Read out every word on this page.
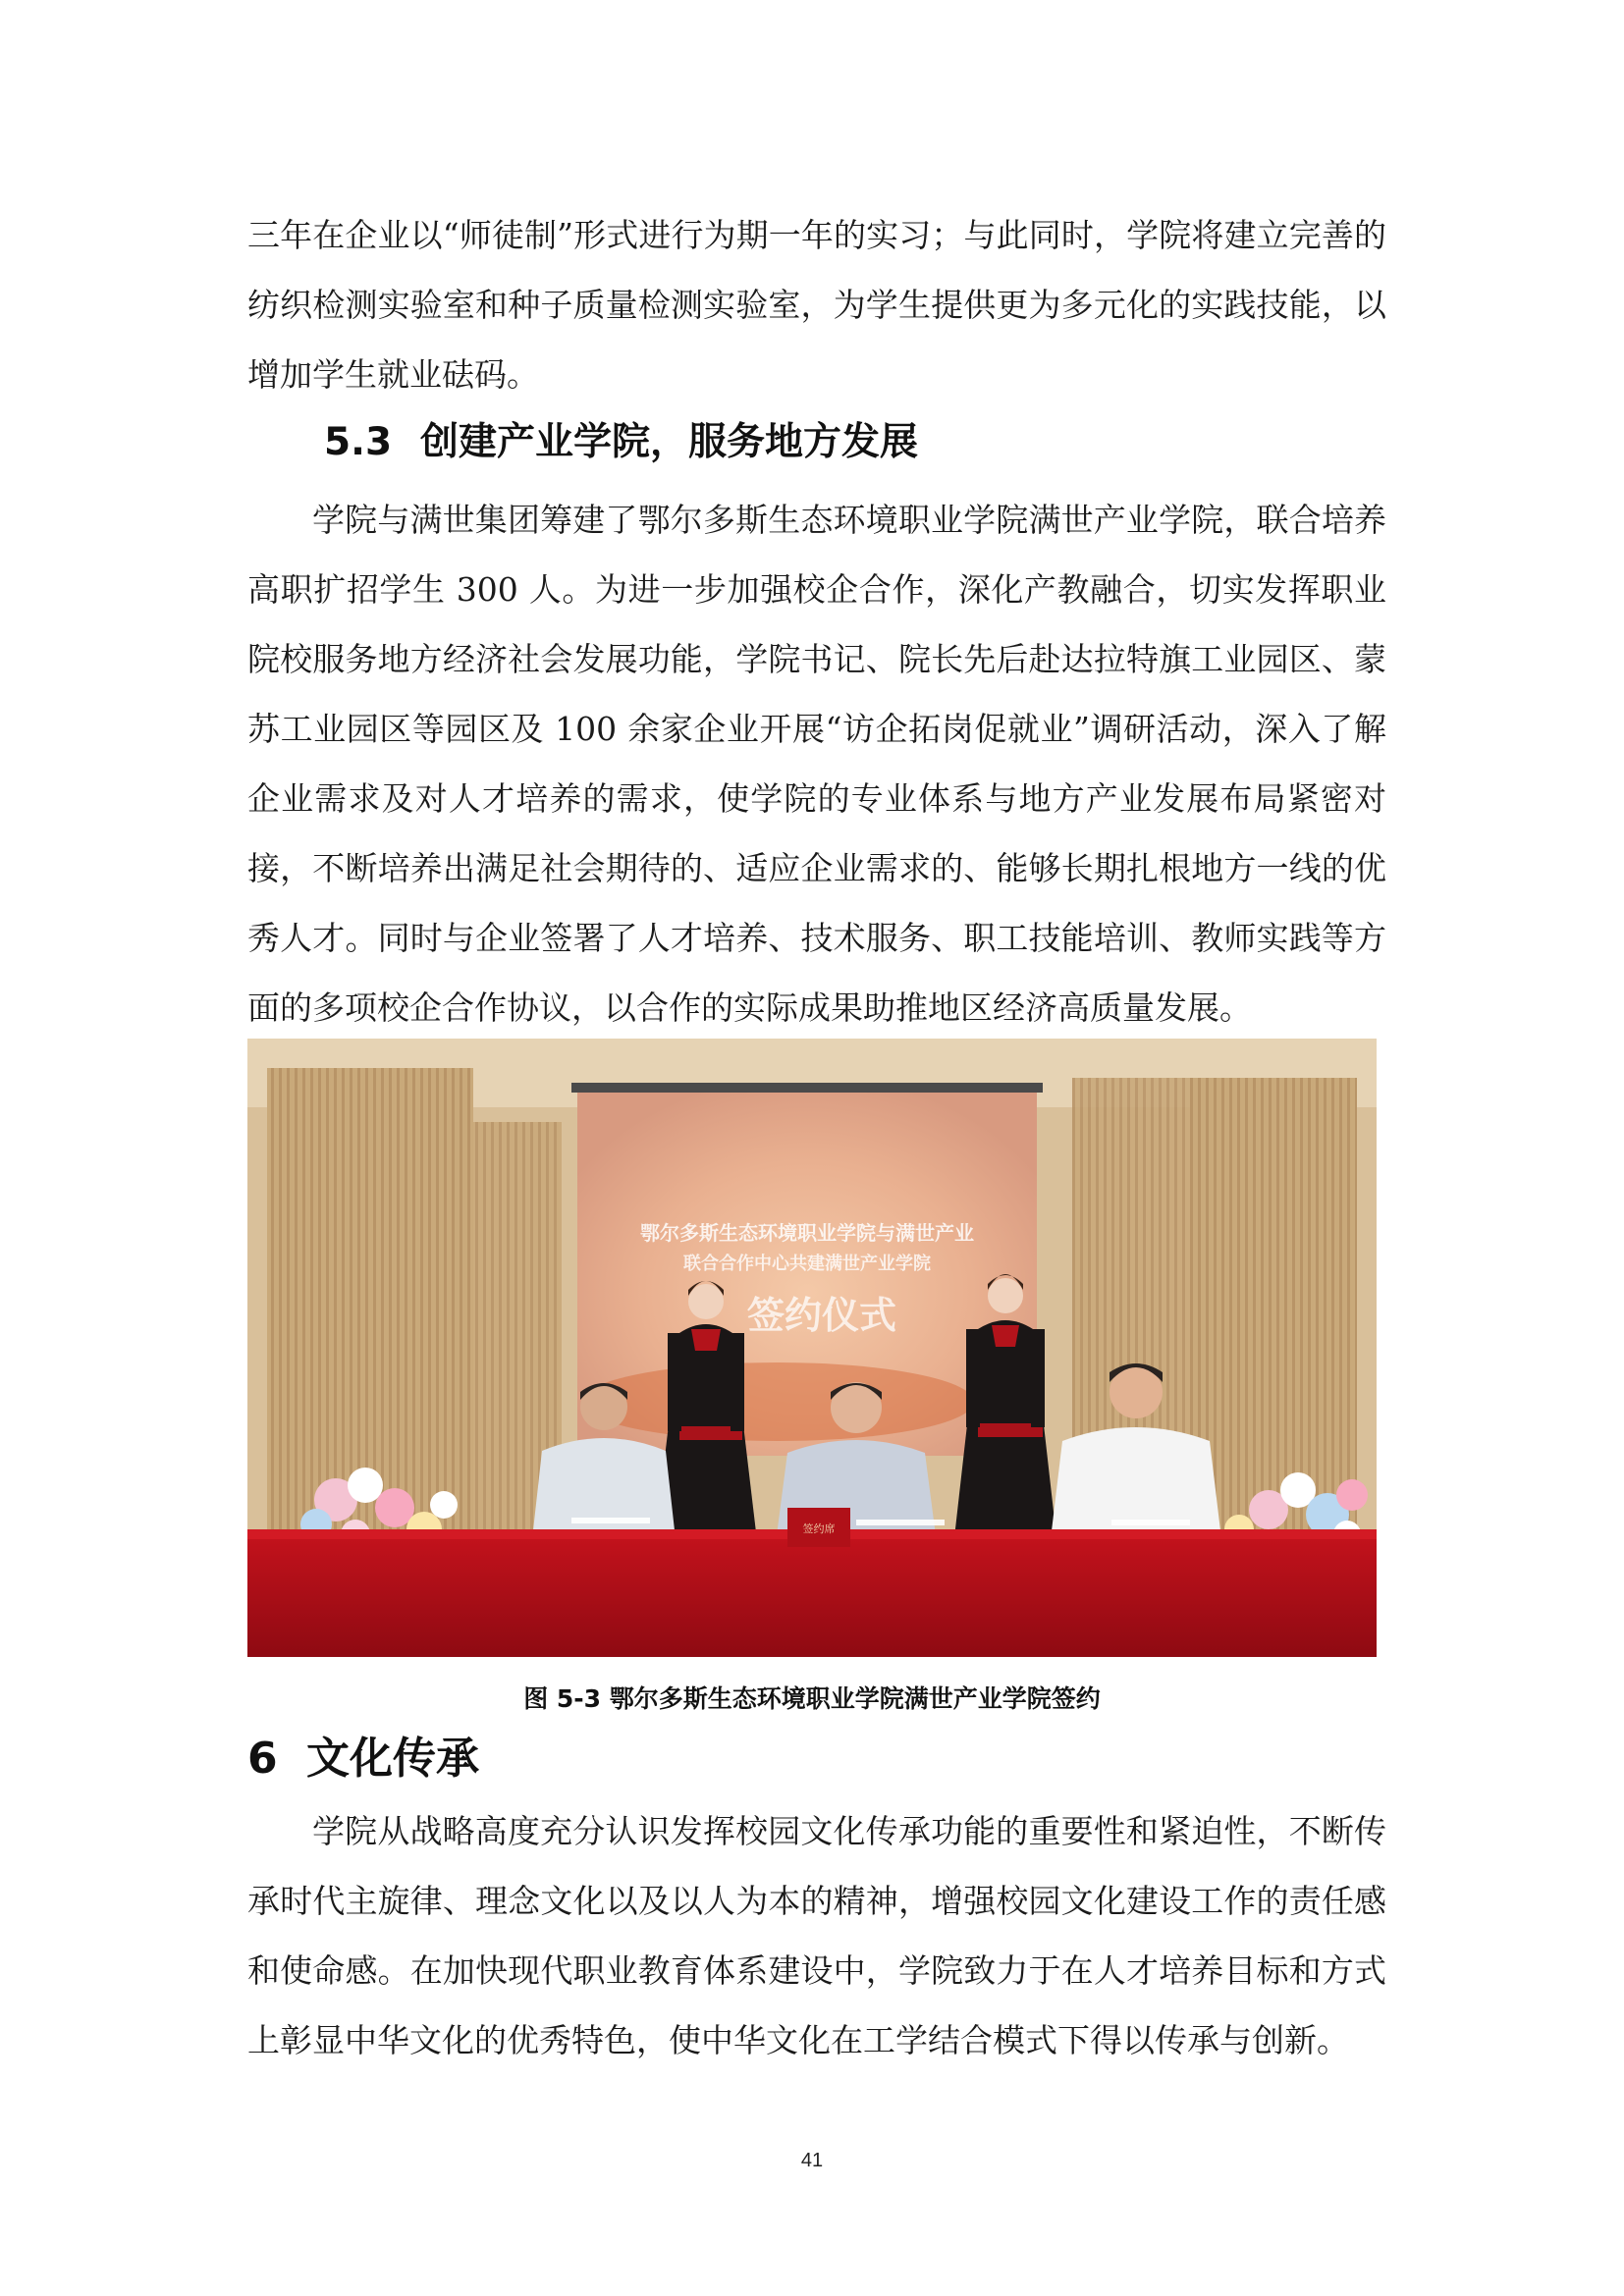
三年在企业以“师徒制”形式进行为期一年的实习；与此同时，学院将建立完善的纺织检测实验室和种子质量检测实验室，为学生提供更为多元化的实践技能，以增加学生就业砝码。

5.3 创建产业学院，服务地方发展

学院与满世集团筹建了鄂尔多斯生态环境职业学院满世产业学院，联合培养高职扩招学生 300 人。为进一步加强校企合作，深化产教融合，切实发挥职业院校服务地方经济社会发展功能，学院书记、院长先后赴达拉特旗工业园区、蒙苏工业园区等园区及 100 余家企业开展“访企拓岗促就业”调研活动，深入了解企业需求及对人才培养的需求，使学院的专业体系与地方产业发展布局紧密对接，不断培养出满足社会期待的、适应企业需求的、能够长期扎根地方一线的优秀人才。同时与企业签署了人才培养、技术服务、职工技能培训、教师实践等方面的多项校企合作协议，以合作的实际成果助推地区经济高质量发展。

鄂尔多斯生态环境职业学院与满世产业
联合合作中心共建满世产业学院
签约仪式
签约席

图 5-3 鄂尔多斯生态环境职业学院满世产业学院签约

6 文化传承

学院从战略高度充分认识发挥校园文化传承功能的重要性和紧迫性，不断传承时代主旋律、理念文化以及以人为本的精神，增强校园文化建设工作的责任感和使命感。在加快现代职业教育体系建设中，学院致力于在人才培养目标和方式上彰显中华文化的优秀特色，使中华文化在工学结合模式下得以传承与创新。

41
